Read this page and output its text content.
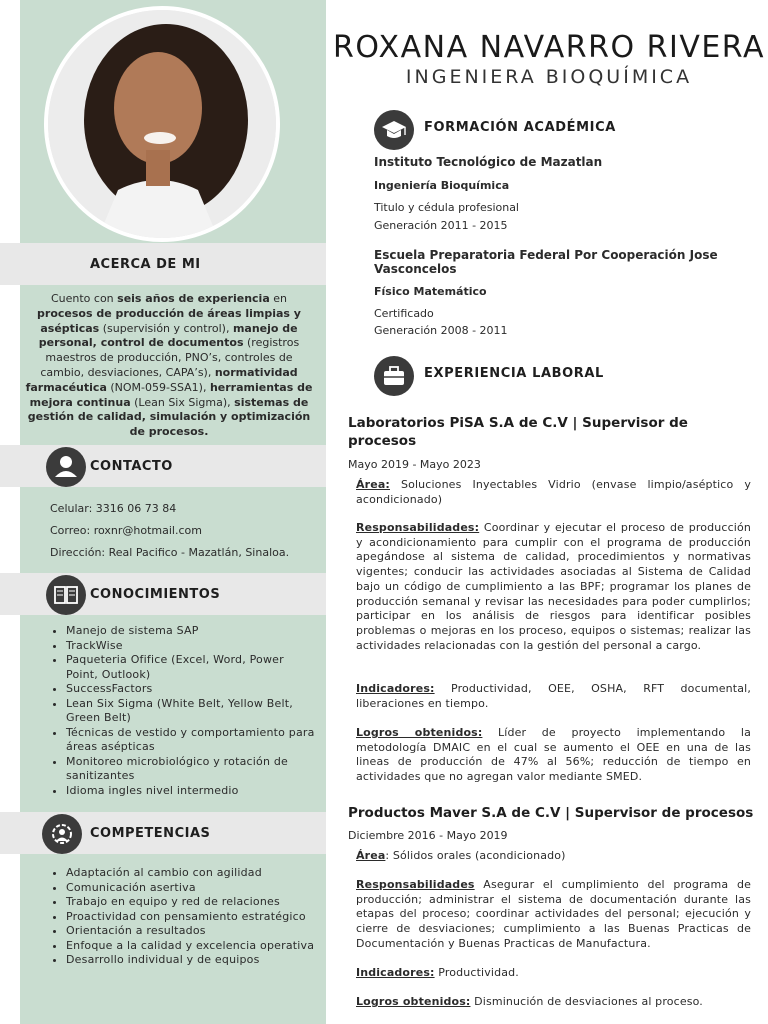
ACERCA DE MI
Cuento con seis años de experiencia en procesos de producción de áreas limpias y asépticas (supervisión y control), manejo de personal, control de documentos (registros maestros de producción, PNO’s, controles de cambio, desviaciones, CAPA’s), normatividad farmacéutica (NOM-059-SSA1), herramientas de mejora continua (Lean Six Sigma), sistemas de gestión de calidad, simulación y optimización de procesos.
CONTACTO
Celular: 3316 06 73 84
Correo: roxnr@hotmail.com
Dirección: Real Pacifico - Mazatlán, Sinaloa.
CONOCIMIENTOS
• Manejo de sistema SAP
• TrackWise
• Paqueteria Ofifice (Excel, Word, Power Point, Outlook)
• SuccessFactors
• Lean Six Sigma (White Belt, Yellow Belt, Green Belt)
• Técnicas de vestido y comportamiento para áreas asépticas
• Monitoreo microbiológico y rotación de sanitizantes
• Idioma ingles nivel intermedio
COMPETENCIAS
• Adaptación al cambio con agilidad
• Comunicación asertiva
• Trabajo en equipo y red de relaciones
• Proactividad con pensamiento estratégico
• Orientación a resultados
• Enfoque a la calidad y excelencia operativa
• Desarrollo individual y de equipos
ROXANA NAVARRO RIVERA
INGENIERA BIOQUÍMICA
FORMACIÓN ACADÉMICA
Instituto Tecnológico de Mazatlan
Ingeniería Bioquímica
Titulo y cédula profesional
Generación 2011 - 2015
Escuela Preparatoria Federal Por Cooperación Jose Vasconcelos
Físico Matemático
Certificado
Generación 2008 - 2011
EXPERIENCIA LABORAL
Laboratorios PiSA S.A de C.V | Supervisor de procesos
Mayo 2019 - Mayo 2023
Área: Soluciones Inyectables Vidrio (envase limpio/aséptico y acondicionado)
Responsabilidades: Coordinar y ejecutar el proceso de producción y acondicionamiento para cumplir con el programa de producción apegándose al sistema de calidad, procedimientos y normativas vigentes; conducir las actividades asociadas al Sistema de Calidad bajo un código de cumplimiento a las BPF; programar los planes de producción semanal y revisar las necesidades para poder cumplirlos; participar en los análisis de riesgos para identificar posibles problemas o mejoras en los proceso, equipos o sistemas; realizar las actividades relacionadas con la gestión del personal a cargo.
Indicadores: Productividad, OEE, OSHA, RFT documental, liberaciones en tiempo.
Logros obtenidos: Líder de proyecto implementando la metodología DMAIC en el cual se aumento el OEE en una de las lineas de producción de 47% al 56%; reducción de tiempo en actividades que no agregan valor mediante SMED.
Productos Maver S.A de C.V | Supervisor de procesos
Diciembre 2016 - Mayo 2019
Área: Sólidos orales (acondicionado)
Responsabilidades Asegurar el cumplimiento del programa de producción; administrar el sistema de documentación durante las etapas del proceso; coordinar actividades del personal; ejecución y cierre de desviaciones; cumplimiento a las Buenas Practicas de Documentación y Buenas Practicas de Manufactura.
Indicadores: Productividad.
Logros obtenidos: Disminución de desviaciones al proceso.
